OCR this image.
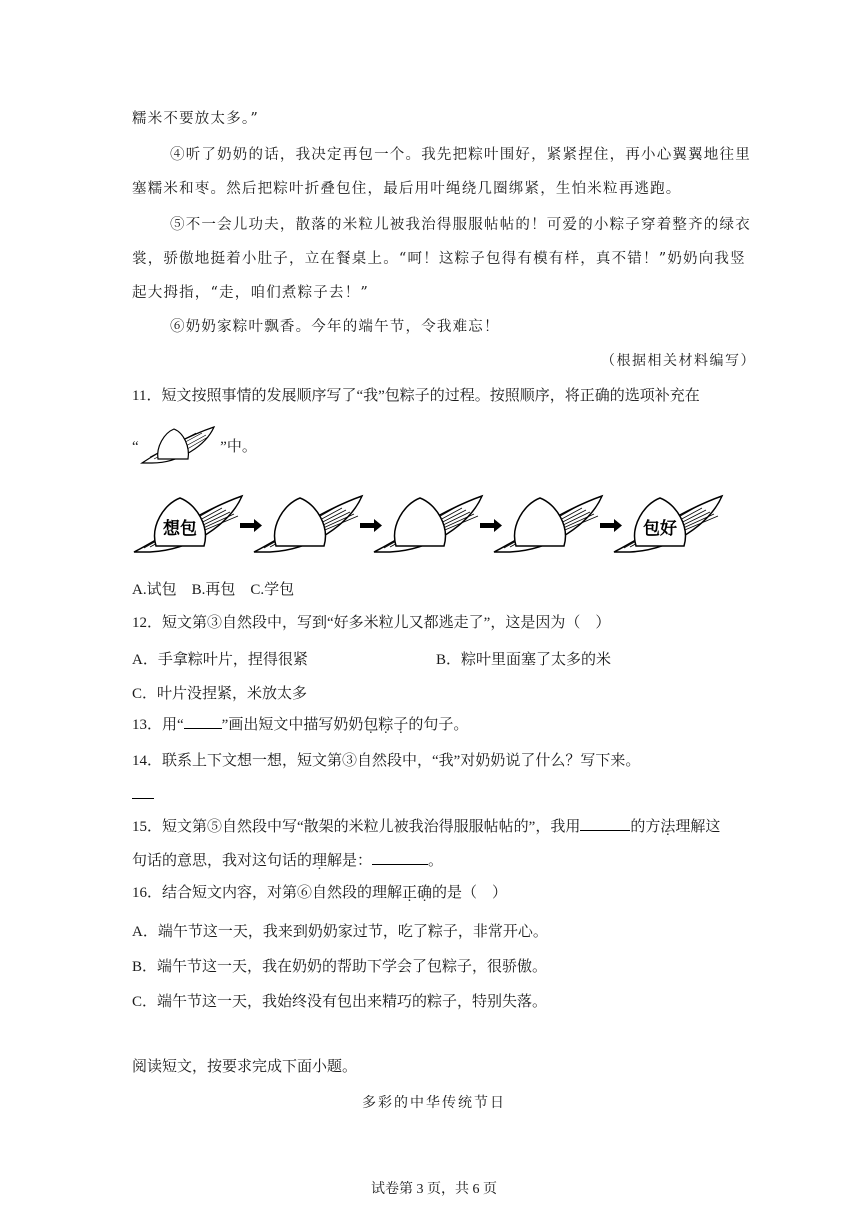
糯米不要放太多。”
④听了奶奶的话，我决定再包一个。我先把粽叶围好，紧紧捏住，再小心翼翼地往里
塞糯米和枣。然后把粽叶折叠包住，最后用叶绳绕几圈绑紧，生怕米粒再逃跑。
⑤不一会儿功夫，散落的米粒儿被我治得服服帖帖的！可爱的小粽子穿着整齐的绿衣
裳，骄傲地挺着小肚子，立在餐桌上。“呵！这粽子包得有模有样，真不错！”奶奶向我竖
起大拇指，“走，咱们煮粽子去！”
⑥奶奶家粽叶飘香。今年的端午节，令我难忘！
（根据相关材料编写）
11．短文按照事情的发展顺序写了“我”包粽子的过程。按照顺序，将正确的选项补充在
“	”中。
想包	包好
A.试包　B.再包　C.学包
12．短文第③自然段中，写到“好多米粒儿又都逃走了”，这是因为（　）
A．手拿粽叶片，捏得很紧	B．粽叶里面塞了太多的米
C．叶片没捏紧，米放太多
13．用“	”画出短文中描写奶奶包粽子的句子。
14．联系上下文想一想，短文第③自然段中，“我”对奶奶说了什么？写下来。
15．短文第⑤自然段中写“散架的米粒儿被我治得服服帖帖的”，我用	的方法理解这
句话的意思，我对这句话的理解是：	。
16．结合短文内容，对第⑥自然段的理解正确的是（　）
A．端午节这一天，我来到奶奶家过节，吃了粽子，非常开心。
B．端午节这一天，我在奶奶的帮助下学会了包粽子，很骄傲。
C．端午节这一天，我始终没有包出来精巧的粽子，特别失落。
阅读短文，按要求完成下面小题。
多彩的中华传统节日
试卷第 3 页，共 6 页
